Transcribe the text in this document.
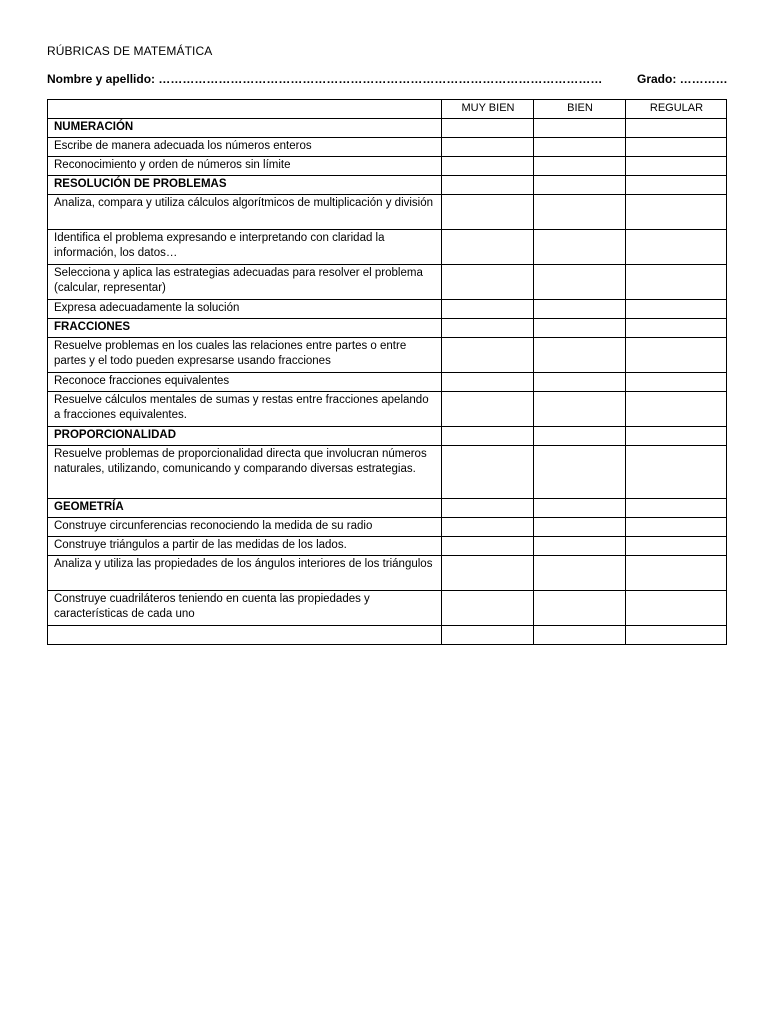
RÚBRICAS DE MATEMÁTICA
Nombre y apellido: …………………………………………………………………………………………………	Grado: …………
	MUY BIEN	BIEN	REGULAR
NUMERACIÓN			
Escribe de manera adecuada los números enteros			
Reconocimiento y orden de números sin límite			
RESOLUCIÓN DE PROBLEMAS			
Analiza, compara y utiliza cálculos algorítmicos de multiplicación y división			
Identifica el problema expresando e interpretando con claridad la información, los datos…			
Selecciona y aplica las estrategias adecuadas para resolver el problema (calcular, representar)			
Expresa adecuadamente la solución			
FRACCIONES			
Resuelve problemas en los cuales las relaciones entre partes o entre partes y el todo pueden expresarse usando fracciones			
Reconoce fracciones equivalentes			
Resuelve cálculos mentales de sumas y restas entre fracciones apelando a fracciones equivalentes.			
PROPORCIONALIDAD			
Resuelve problemas de proporcionalidad directa que involucran números naturales, utilizando, comunicando y comparando diversas estrategias.			
GEOMETRÍA			
Construye circunferencias reconociendo la medida de su radio			
Construye triángulos a partir de las medidas de los lados.			
Analiza y utiliza las propiedades de los ángulos interiores de los triángulos			
Construye cuadriláteros teniendo en cuenta las propiedades y características de cada uno			
